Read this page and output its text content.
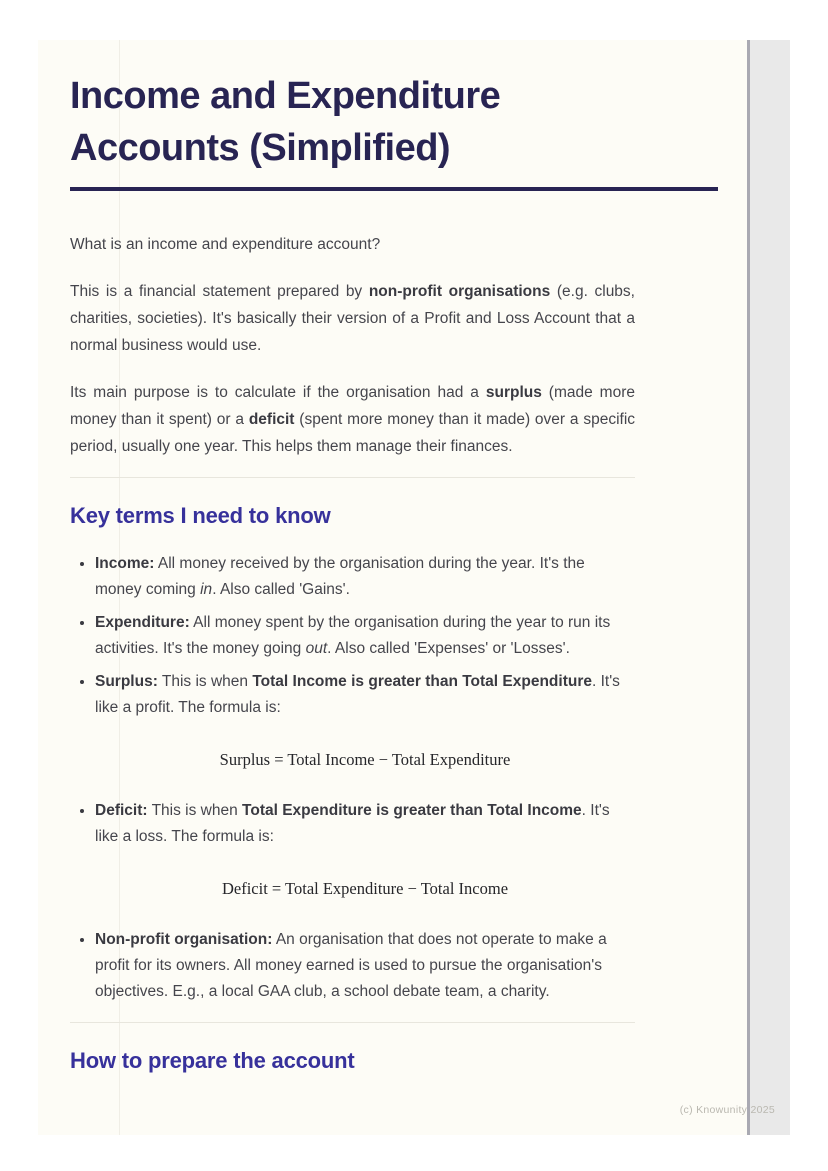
Income and Expenditure Accounts (Simplified)

What is an income and expenditure account?

This is a financial statement prepared by non-profit organisations (e.g. clubs, charities, societies). It's basically their version of a Profit and Loss Account that a normal business would use.

Its main purpose is to calculate if the organisation had a surplus (made more money than it spent) or a deficit (spent more money than it made) over a specific period, usually one year. This helps them manage their finances.

Key terms I need to know
• Income: All money received by the organisation during the year. It's the money coming in. Also called 'Gains'.
• Expenditure: All money spent by the organisation during the year to run its activities. It's the money going out. Also called 'Expenses' or 'Losses'.
• Surplus: This is when Total Income is greater than Total Expenditure. It's like a profit. The formula is:
Surplus = Total Income − Total Expenditure
• Deficit: This is when Total Expenditure is greater than Total Income. It's like a loss. The formula is:
Deficit = Total Expenditure − Total Income
• Non-profit organisation: An organisation that does not operate to make a profit for its owners. All money earned is used to pursue the organisation's objectives. E.g., a local GAA club, a school debate team, a charity.
How to prepare the account
(c) Knowunity 2025
